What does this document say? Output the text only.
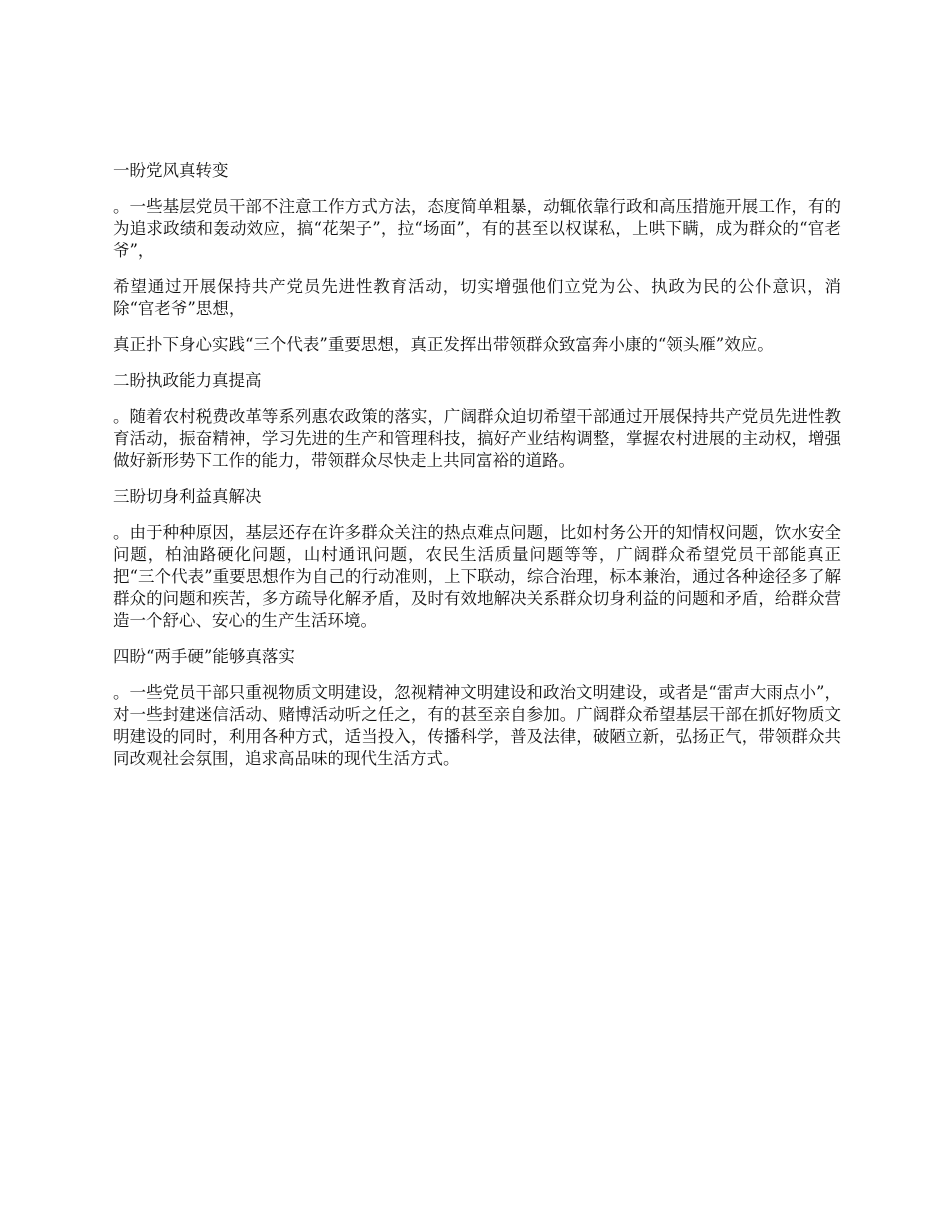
一盼党风真转变

。一些基层党员干部不注意工作方式方法，态度简单粗暴，动辄依靠行政和高压措施开展工作，有的为追求政绩和轰动效应，搞“花架子”，拉“场面”，有的甚至以权谋私，上哄下瞒，成为群众的“官老爷”，

希望通过开展保持共产党员先进性教育活动，切实增强他们立党为公、执政为民的公仆意识，消除“官老爷”思想，

真正扑下身心实践“三个代表”重要思想，真正发挥出带领群众致富奔小康的“领头雁”效应。

二盼执政能力真提高

。随着农村税费改革等系列惠农政策的落实，广阔群众迫切希望干部通过开展保持共产党员先进性教育活动，振奋精神，学习先进的生产和管理科技，搞好产业结构调整，掌握农村进展的主动权，增强做好新形势下工作的能力，带领群众尽快走上共同富裕的道路。

三盼切身利益真解决

。由于种种原因，基层还存在许多群众关注的热点难点问题，比如村务公开的知情权问题，饮水安全问题，柏油路硬化问题，山村通讯问题，农民生活质量问题等等，广阔群众希望党员干部能真正把“三个代表”重要思想作为自己的行动准则，上下联动，综合治理，标本兼治，通过各种途径多了解群众的问题和疾苦，多方疏导化解矛盾，及时有效地解决关系群众切身利益的问题和矛盾，给群众营造一个舒心、安心的生产生活环境。

四盼“两手硬”能够真落实

。一些党员干部只重视物质文明建设，忽视精神文明建设和政治文明建设，或者是“雷声大雨点小”，对一些封建迷信活动、赌博活动听之任之，有的甚至亲自参加。广阔群众希望基层干部在抓好物质文明建设的同时，利用各种方式，适当投入，传播科学，普及法律，破陋立新，弘扬正气，带领群众共同改观社会氛围，追求高品味的现代生活方式。
